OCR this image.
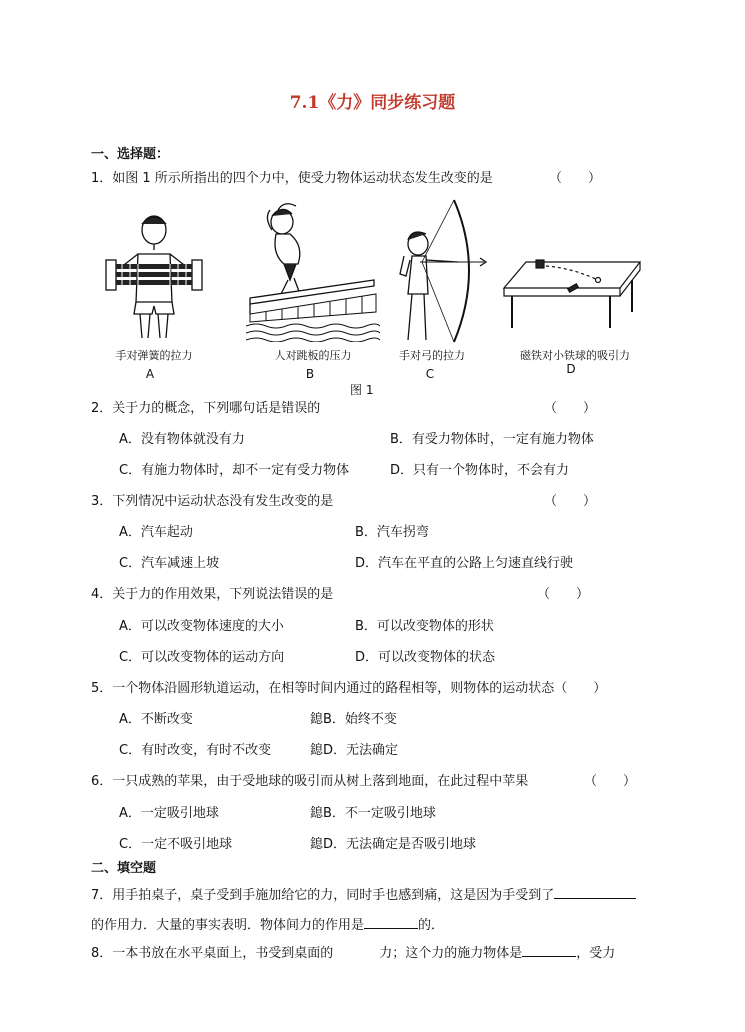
7.1《力》同步练习题
一、选择题：
1．如图 1 所示所指出的四个力中，使受力物体运动状态发生改变的是	（　　）
手对弹簧的拉力
A
人对跳板的压力
B
手对弓的拉力
C
磁铁对小铁球的吸引力
D
图 1
2．关于力的概念，下列哪句话是错误的	（　　）
A．没有物体就没有力	B．有受力物体时，一定有施力物体
C．有施力物体时，却不一定有受力物体	D．只有一个物体时，不会有力
3．下列情况中运动状态没有发生改变的是	（　　）
A．汽车起动	B．汽车拐弯
C．汽车减速上坡	D．汽车在平直的公路上匀速直线行驶
4．关于力的作用效果，下列说法错误的是	（　　）
A．可以改变物体速度的大小	B．可以改变物体的形状
C．可以改变物体的运动方向	D．可以改变物体的状态
5．一个物体沿圆形轨道运动，在相等时间内通过的路程相等，则物体的运动状态（　　）
A．不断改变	鎴B．始终不变
C．有时改变，有时不改变	鎴D．无法确定
6．一只成熟的苹果，由于受地球的吸引而从树上落到地面，在此过程中苹果	（　　）
A．一定吸引地球	鎴B．不一定吸引地球
C．一定不吸引地球	鎴D．无法确定是否吸引地球
二、填空题
7．用手拍桌子，桌子受到手施加给它的力，同时手也感到痛，这是因为手受到了
的作用力．大量的事实表明．物体间力的作用是	的．
8．一本书放在水平桌面上，书受到桌面的	力；这个力的施力物体是	，受力
